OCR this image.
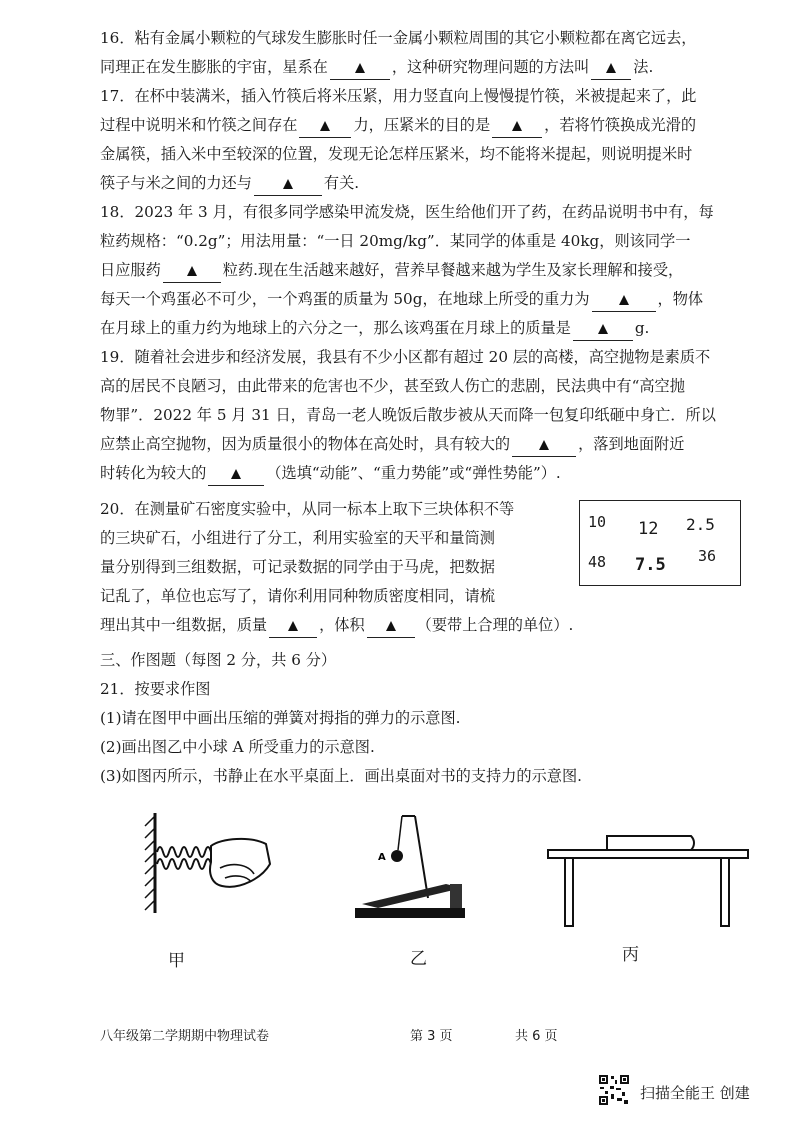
16．粘有金属小颗粒的气球发生膨胀时任一金属小颗粒周围的其它小颗粒都在离它远去，
同理正在发生膨胀的宇宙，星系在	，这种研究物理问题的方法叫	法.
17．在杯中装满米，插入竹筷后将米压紧，用力竖直向上慢慢提竹筷，米被提起来了，此
过程中说明米和竹筷之间存在	力，压紧米的目的是	，若将竹筷换成光滑的
金属筷，插入米中至较深的位置，发现无论怎样压紧米，均不能将米提起，则说明提米时
筷子与米之间的力还与	有关.
18．2023 年 3 月，有很多同学感染甲流发烧，医生给他们开了药，在药品说明书中有，每
粒药规格：“0.2g”；用法用量：“一日 20mg/kg”．某同学的体重是 40kg，则该同学一
日应服药	粒药.现在生活越来越好，营养早餐越来越为学生及家长理解和接受，
每天一个鸡蛋必不可少，一个鸡蛋的质量为 50g，在地球上所受的重力为	，物体
在月球上的重力约为地球上的六分之一，那么该鸡蛋在月球上的质量是	g.
19．随着社会进步和经济发展，我县有不少小区都有超过 20 层的高楼，高空抛物是素质不
高的居民不良陋习，由此带来的危害也不少，甚至致人伤亡的悲剧，民法典中有“高空抛
物罪”．2022 年 5 月 31 日，青岛一老人晚饭后散步被从天而降一包复印纸砸中身亡．所以
应禁止高空抛物，因为质量很小的物体在高处时，具有较大的	，落到地面附近
时转化为较大的	（选填“动能”、“重力势能”或“弹性势能”）.
20．在测量矿石密度实验中，从同一标本上取下三块体积不等
的三块矿石，小组进行了分工，利用实验室的天平和量筒测
量分别得到三组数据，可记录数据的同学由于马虎，把数据
记乱了，单位也忘写了，请你利用同种物质密度相同，请梳
理出其中一组数据，质量	，体积	（要带上合理的单位）.
10 12 2.5
48 7.5 36
三、作图题（每图 2 分，共 6 分）
21．按要求作图
(1)请在图甲中画出压缩的弹簧对拇指的弹力的示意图.
(2)画出图乙中小球 A 所受重力的示意图.
(3)如图丙所示，书静止在水平桌面上．画出桌面对书的支持力的示意图.
A
甲	乙	丙
八年级第二学期期中物理试卷	第 3 页	共 6 页
扫描全能王 创建
